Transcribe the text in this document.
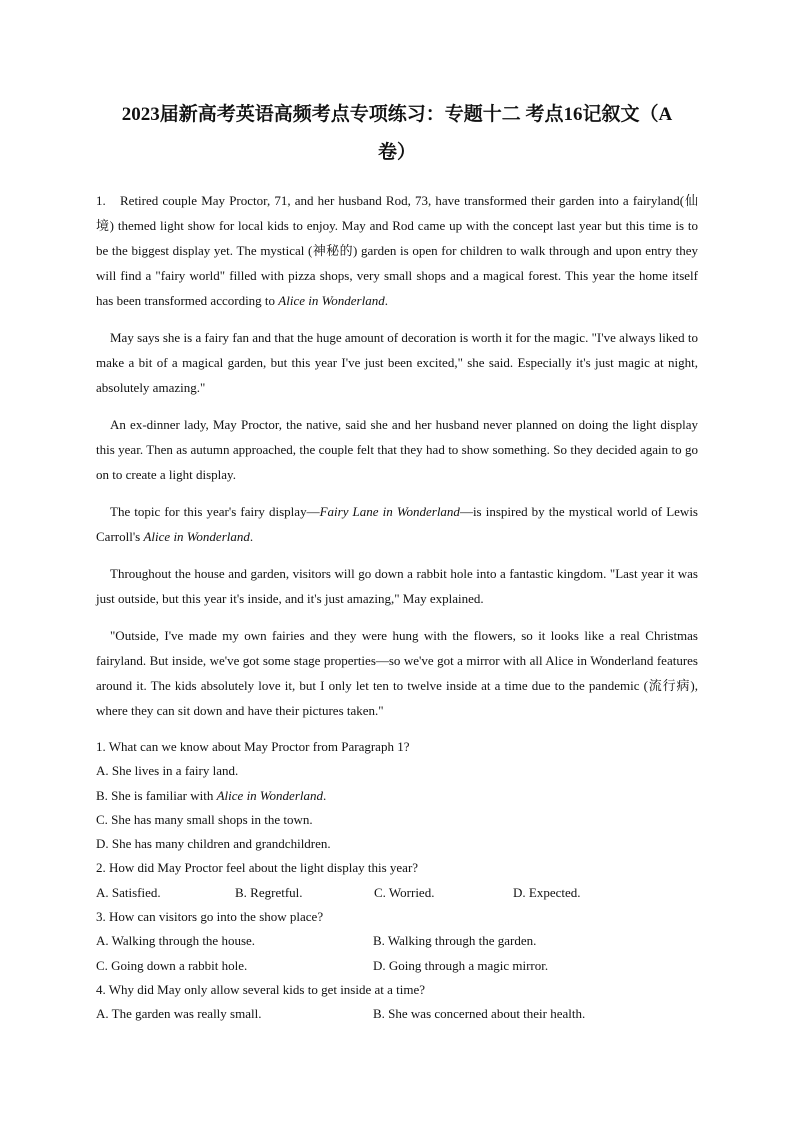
2023届新高考英语高频考点专项练习：专题十二 考点16记叙文（A
卷）

1. Retired couple May Proctor, 71, and her husband Rod, 73, have transformed their garden into a fairyland(仙境) themed light show for local kids to enjoy. May and Rod came up with the concept last year but this time is to be the biggest display yet. The mystical (神秘的) garden is open for children to walk through and upon entry they will find a "fairy world" filled with pizza shops, very small shops and a magical forest. This year the home itself has been transformed according to Alice in Wonderland.

May says she is a fairy fan and that the huge amount of decoration is worth it for the magic. "I've always liked to make a bit of a magical garden, but this year I've just been excited," she said. Especially it's just magic at night, absolutely amazing."

An ex-dinner lady, May Proctor, the native, said she and her husband never planned on doing the light display this year. Then as autumn approached, the couple felt that they had to show something. So they decided again to go on to create a light display.

The topic for this year's fairy display—Fairy Lane in Wonderland—is inspired by the mystical world of Lewis Carroll's Alice in Wonderland.

Throughout the house and garden, visitors will go down a rabbit hole into a fantastic kingdom. "Last year it was just outside, but this year it's inside, and it's just amazing," May explained.

"Outside, I've made my own fairies and they were hung with the flowers, so it looks like a real Christmas fairyland. But inside, we've got some stage properties—so we've got a mirror with all Alice in Wonderland features around it. The kids absolutely love it, but I only let ten to twelve inside at a time due to the pandemic (流行病), where they can sit down and have their pictures taken."

1. What can we know about May Proctor from Paragraph 1?
A. She lives in a fairy land.
B. She is familiar with Alice in Wonderland.
C. She has many small shops in the town.
D. She has many children and grandchildren.
2. How did May Proctor feel about the light display this year?
A. Satisfied.	B. Regretful.	C. Worried.	D. Expected.
3. How can visitors go into the show place?
A. Walking through the house.	B. Walking through the garden.
C. Going down a rabbit hole.	D. Going through a magic mirror.
4. Why did May only allow several kids to get inside at a time?
A. The garden was really small.	B. She was concerned about their health.
